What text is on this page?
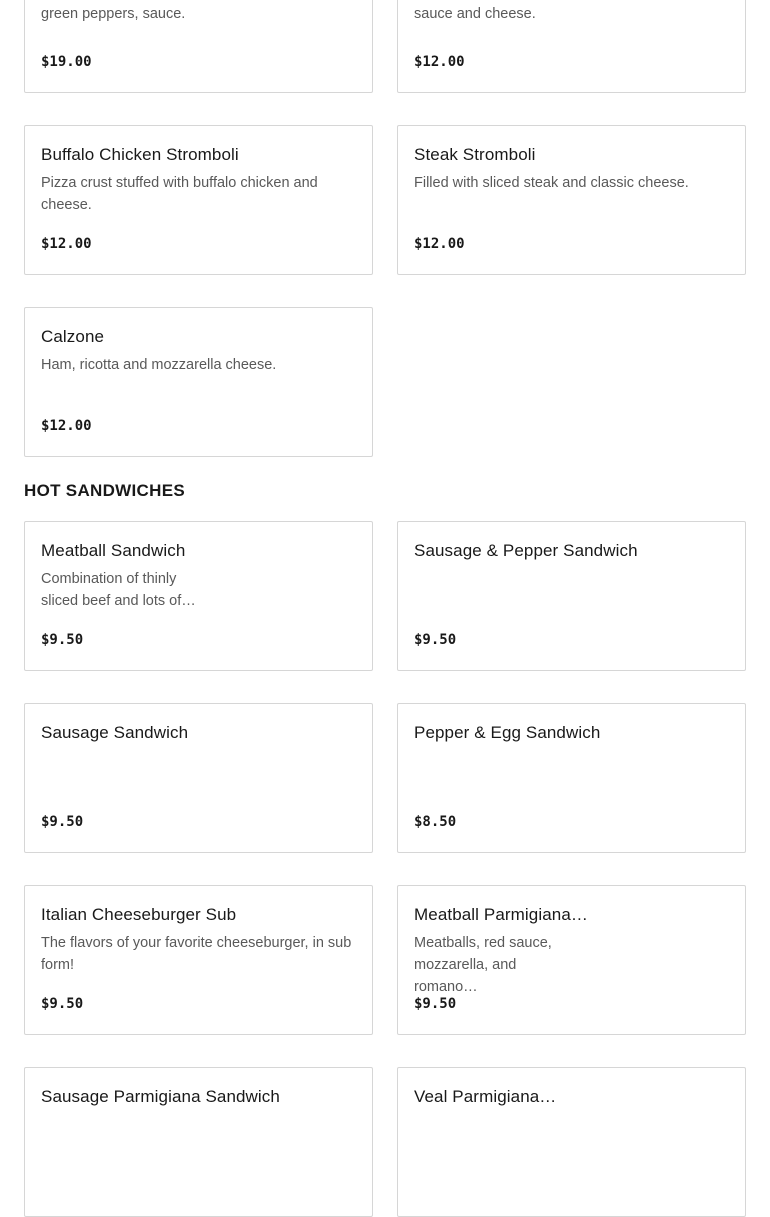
green peppers, sauce.
$19.00
sauce and cheese.
$12.00
Buffalo Chicken Stromboli
Pizza crust stuffed with buffalo chicken and cheese.
$12.00
Steak Stromboli
Filled with sliced steak and classic cheese.
$12.00
Calzone
Ham, ricotta and mozzarella cheese.
$12.00
HOT SANDWICHES
Meatball Sandwich
Combination of thinly sliced beef and lots of…
$9.50
Sausage & Pepper Sandwich
$9.50
Sausage Sandwich
$9.50
Pepper & Egg Sandwich
$8.50
Italian Cheeseburger Sub
The flavors of your favorite cheeseburger, in sub form!
$9.50
Meatball Parmigiana…
Meatballs, red sauce, mozzarella, and romano…
$9.50
Sausage Parmigiana Sandwich	Veal Parmigiana…
